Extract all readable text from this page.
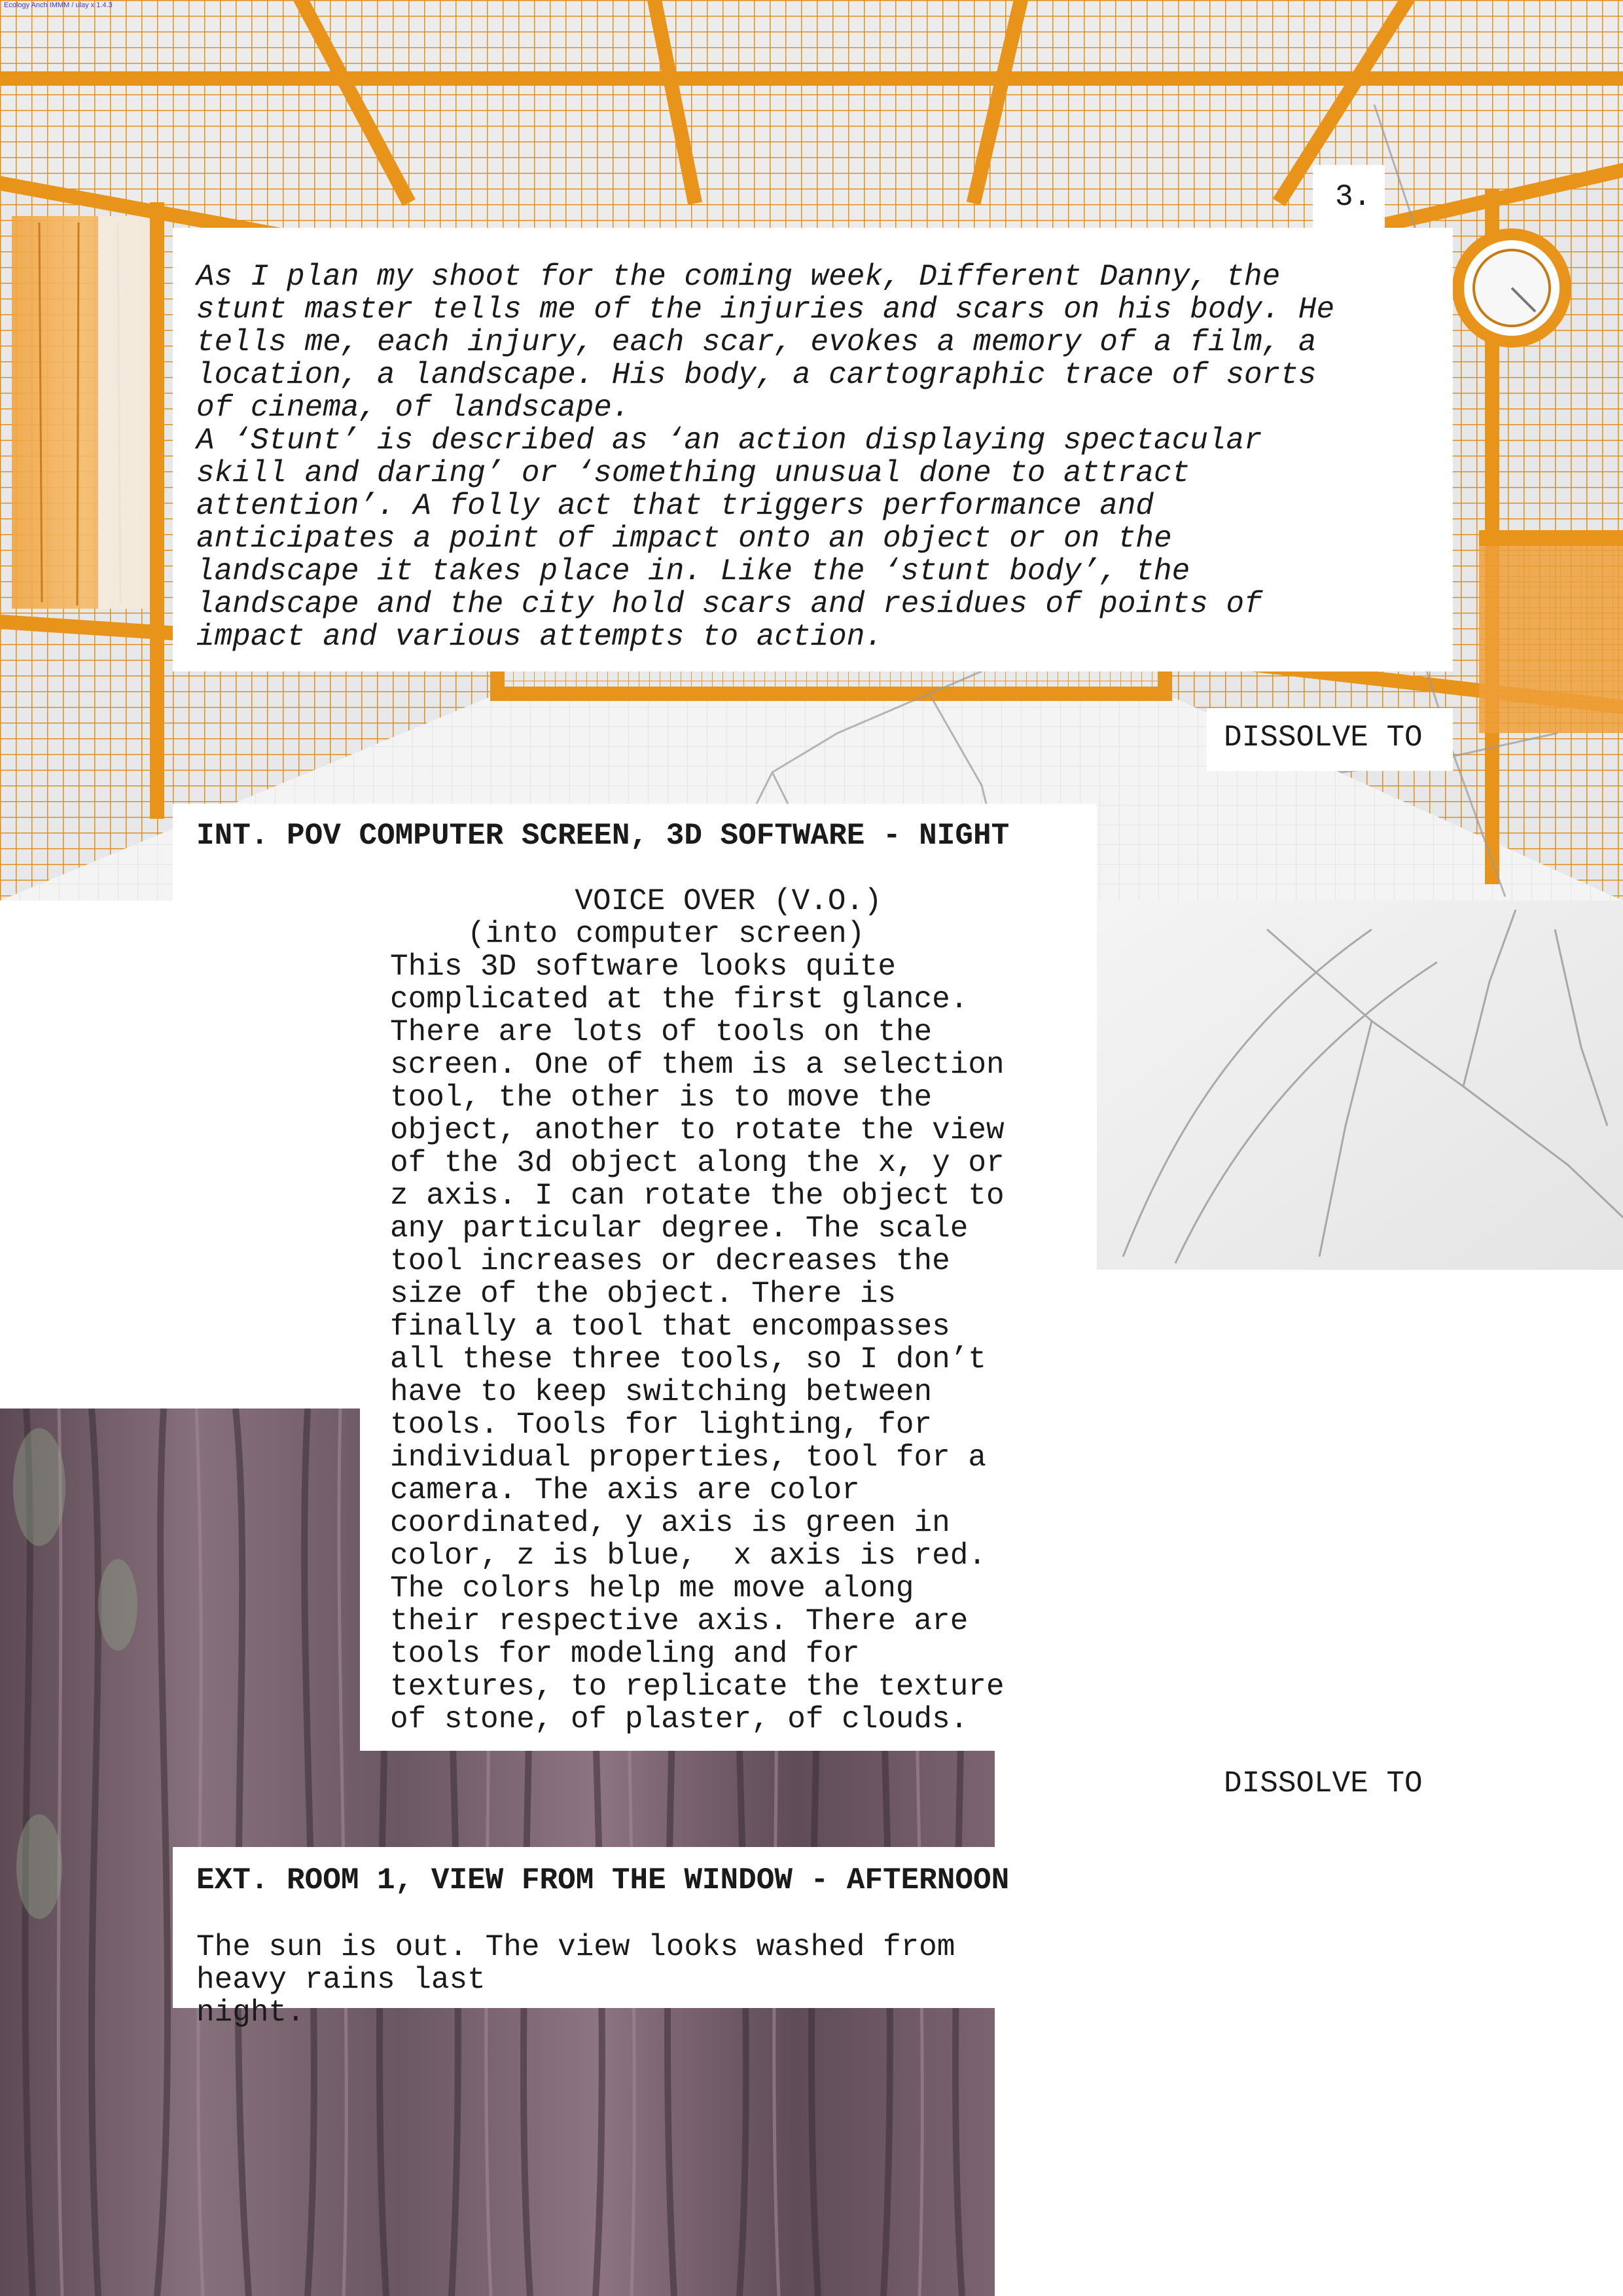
Ecology Anch IMMM / ulay x 1.4.3
3.
As I plan my shoot for the coming week, Different Danny, the
stunt master tells me of the injuries and scars on his body. He
tells me, each injury, each scar, evokes a memory of a film, a
location, a landscape. His body, a cartographic trace of sorts
of cinema, of landscape.
A ‘Stunt’ is described as ‘an action displaying spectacular
skill and daring’ or ‘something unusual done to attract
attention’. A folly act that triggers performance and
anticipates a point of impact onto an object or on the
landscape it takes place in. Like the ‘stunt body’, the
landscape and the city hold scars and residues of points of
impact and various attempts to action.
DISSOLVE TO
INT. POV COMPUTER SCREEN, 3D SOFTWARE - NIGHT
VOICE OVER (V.O.)
(into computer screen)
This 3D software looks quite
complicated at the first glance.
There are lots of tools on the
screen. One of them is a selection
tool, the other is to move the
object, another to rotate the view
of the 3d object along the x, y or
z axis. I can rotate the object to
any particular degree. The scale
tool increases or decreases the
size of the object. There is
finally a tool that encompasses
all these three tools, so I don’t
have to keep switching between
tools. Tools for lighting, for
individual properties, tool for a
camera. The axis are color
coordinated, y axis is green in
color, z is blue,  x axis is red.
The colors help me move along
their respective axis. There are
tools for modeling and for
textures, to replicate the texture
of stone, of plaster, of clouds.
DISSOLVE TO
EXT. ROOM 1, VIEW FROM THE WINDOW - AFTERNOON
The sun is out. The view looks washed from heavy rains last
night.
